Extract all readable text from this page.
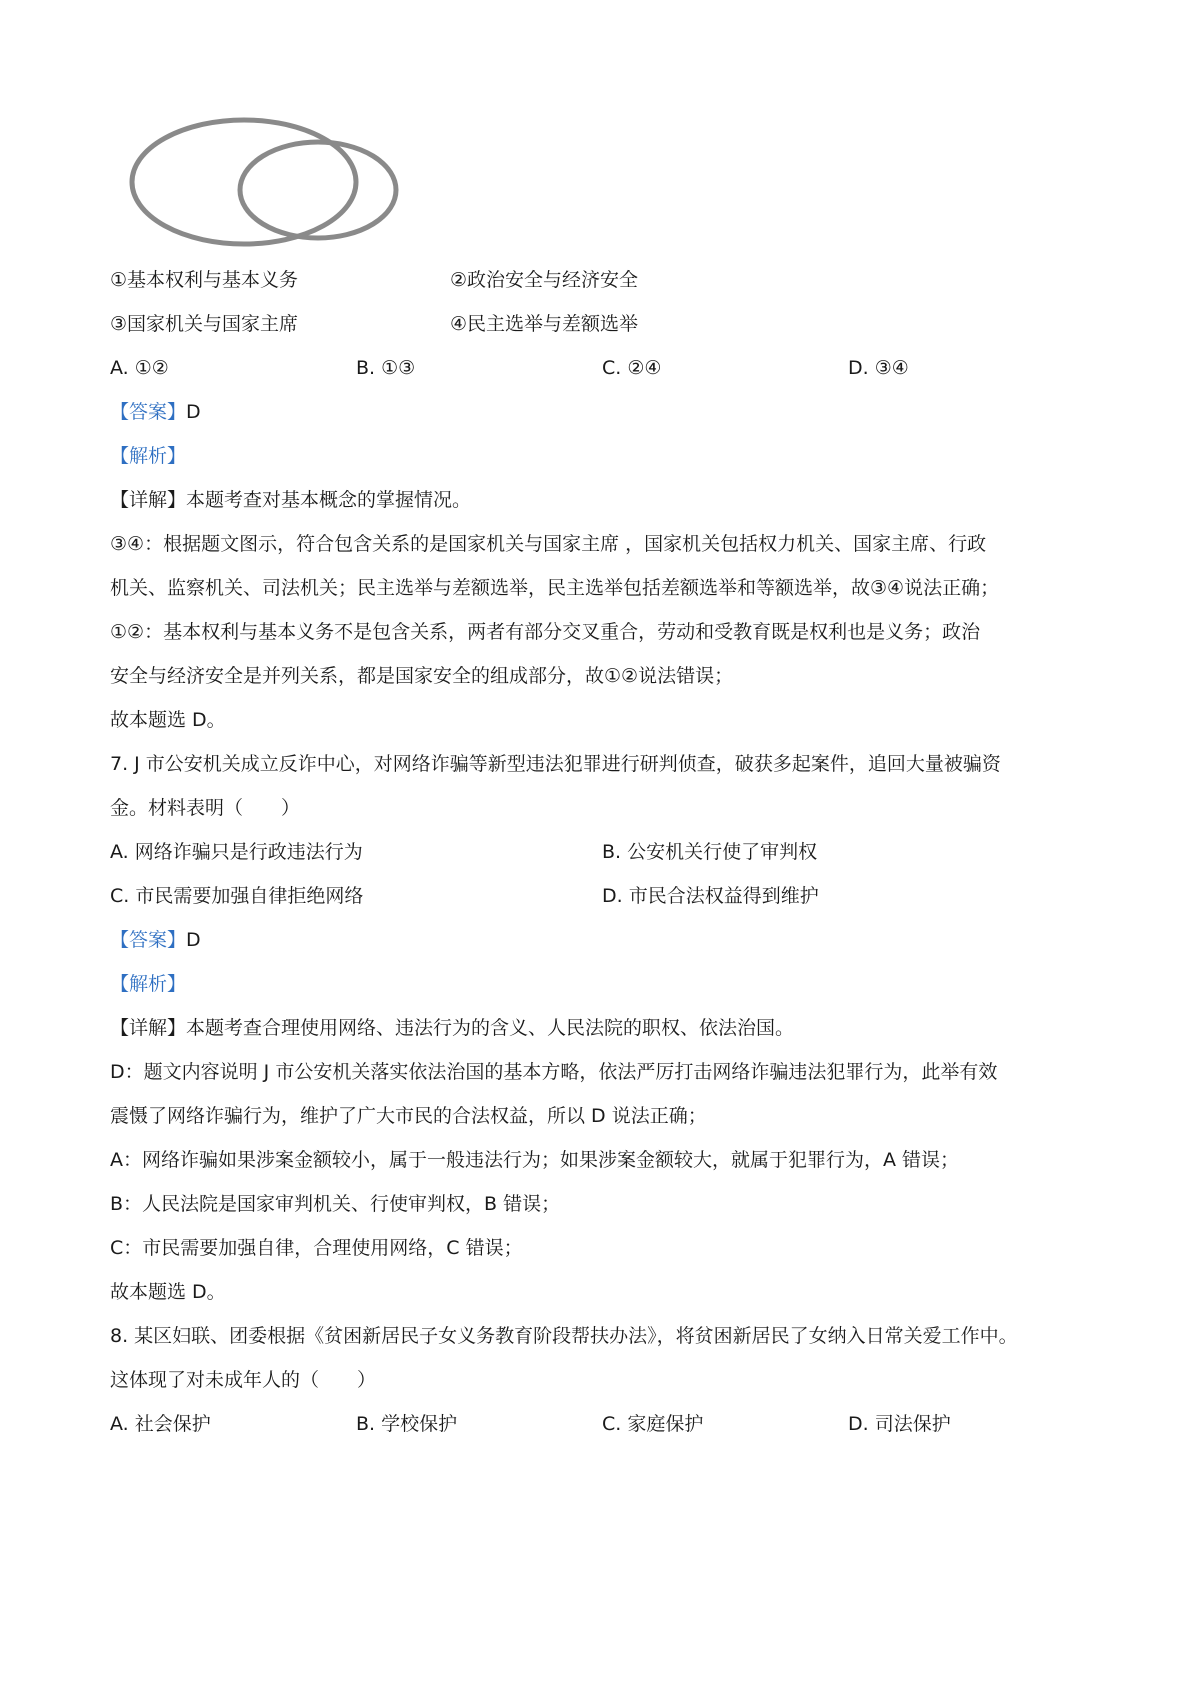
①基本权利与基本义务	②政治安全与经济安全
③国家机关与国家主席	④民主选举与差额选举
A. ①②	B. ①③	C. ②④	D. ③④
【答案】D
【解析】
【详解】本题考查对基本概念的掌握情况。
③④：根据题文图示，符合包含关系的是国家机关与国家主席 ，国家机关包括权力机关、国家主席、行政
机关、监察机关、司法机关；民主选举与差额选举，民主选举包括差额选举和等额选举，故③④说法正确；
①②：基本权利与基本义务不是包含关系，两者有部分交叉重合，劳动和受教育既是权利也是义务；政治
安全与经济安全是并列关系，都是国家安全的组成部分，故①②说法错误；
故本题选 D。
7. J 市公安机关成立反诈中心，对网络诈骗等新型违法犯罪进行研判侦查，破获多起案件，追回大量被骗资
金。材料表明（　　）
A. 网络诈骗只是行政违法行为	B. 公安机关行使了审判权
C. 市民需要加强自律拒绝网络	D. 市民合法权益得到维护
【答案】D
【解析】
【详解】本题考查合理使用网络、违法行为的含义、人民法院的职权、依法治国。
D：题文内容说明 J 市公安机关落实依法治国的基本方略，依法严厉打击网络诈骗违法犯罪行为，此举有效
震慑了网络诈骗行为，维护了广大市民的合法权益，所以 D 说法正确；
A：网络诈骗如果涉案金额较小，属于一般违法行为；如果涉案金额较大，就属于犯罪行为，A 错误；
B：人民法院是国家审判机关、行使审判权，B 错误；
C：市民需要加强自律，合理使用网络，C 错误；
故本题选 D。
8. 某区妇联、团委根据《贫困新居民子女义务教育阶段帮扶办法》，将贫困新居民了女纳入日常关爱工作中。
这体现了对未成年人的（　　）
A. 社会保护	B. 学校保护	C. 家庭保护	D. 司法保护
